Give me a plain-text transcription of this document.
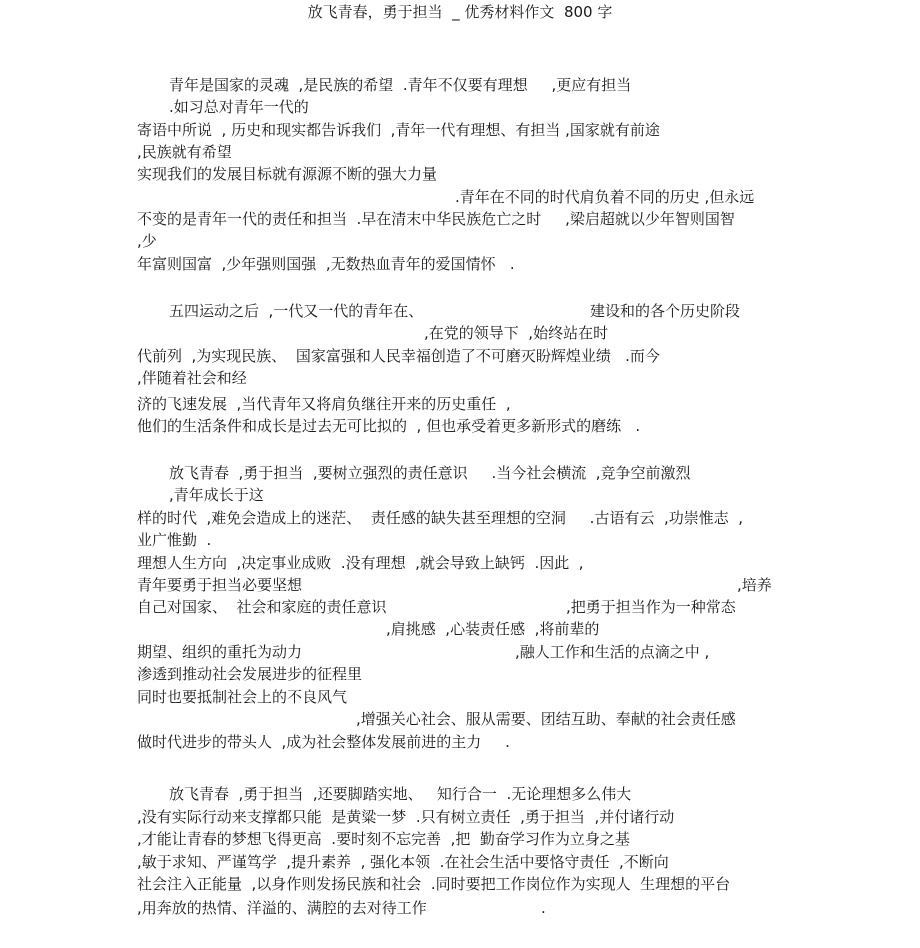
放飞青春，勇于担当  _ 优秀材料作文  800 字
青年是国家的灵魂  ,是民族的希望  .青年不仅要有理想     ,更应有担当
.如习总对青年一代的
寄语中所说  , 历史和现实都告诉我们  ,青年一代有理想、有担当 ,国家就有前途
,民族就有希望
实现我们的发展目标就有源源不断的强大力量
.青年在不同的时代肩负着不同的历史 ,但永远
不变的是青年一代的责任和担当  .早在清末中华民族危亡之时     ,梁启超就以少年智则国智
,少
年富则国富  ,少年强则国强  ,无数热血青年的爱国情怀   .
五四运动之后  ,一代又一代的青年在、	建设和的各个历史阶段
,在党的领导下  ,始终站在时
代前列  ,为实现民族、  国家富强和人民幸福创造了不可磨灭盼辉煌业绩   .而今
,伴随着社会和经
济的飞速发展  ,当代青年又将肩负继往开来的历史重任  ,
他们的生活条件和成长是过去无可比拟的  , 但也承受着更多新形式的磨练   .
放飞青春  ,勇于担当  ,要树立强烈的责任意识     .当今社会横流  ,竞争空前激烈
,青年成长于这
样的时代  ,难免会造成上的迷茫、  责任感的缺失甚至理想的空洞     .古语有云  ,功崇惟志  ,
业广惟勤  .
理想人生方向  ,决定事业成败  .没有理想  ,就会导致上缺钙  .因此  ,
青年要勇于担当必要坚想	,培养
自己对国家、  社会和家庭的责任意识	,把勇于担当作为一种常态
,肩挑感  ,心装责任感  ,将前辈的
期望、组织的重托为动力	,融人工作和生活的点滴之中 ,
渗透到推动社会发展进步的征程里
同时也要抵制社会上的不良风气
,增强关心社会、服从需要、团结互助、奉献的社会责任感
做时代进步的带头人  ,成为社会整体发展前进的主力     .
放飞青春  ,勇于担当  ,还要脚踏实地、   知行合一  .无论理想多么伟大
,没有实际行动来支撑都只能  是黄粱一梦  .只有树立责任  ,勇于担当  ,并付诸行动
,才能让青春的梦想飞得更高  .要时刻不忘完善  ,把  勤奋学习作为立身之基
,敏于求知、严谨笃学  ,提升素养  , 强化本领  .在社会生活中要恪守责任  ,不断向
社会注入正能量  ,以身作则发扬民族和社会  .同时要把工作岗位作为实现人  生理想的平台
,用奔放的热情、洋溢的、满腔的去对待工作	.
